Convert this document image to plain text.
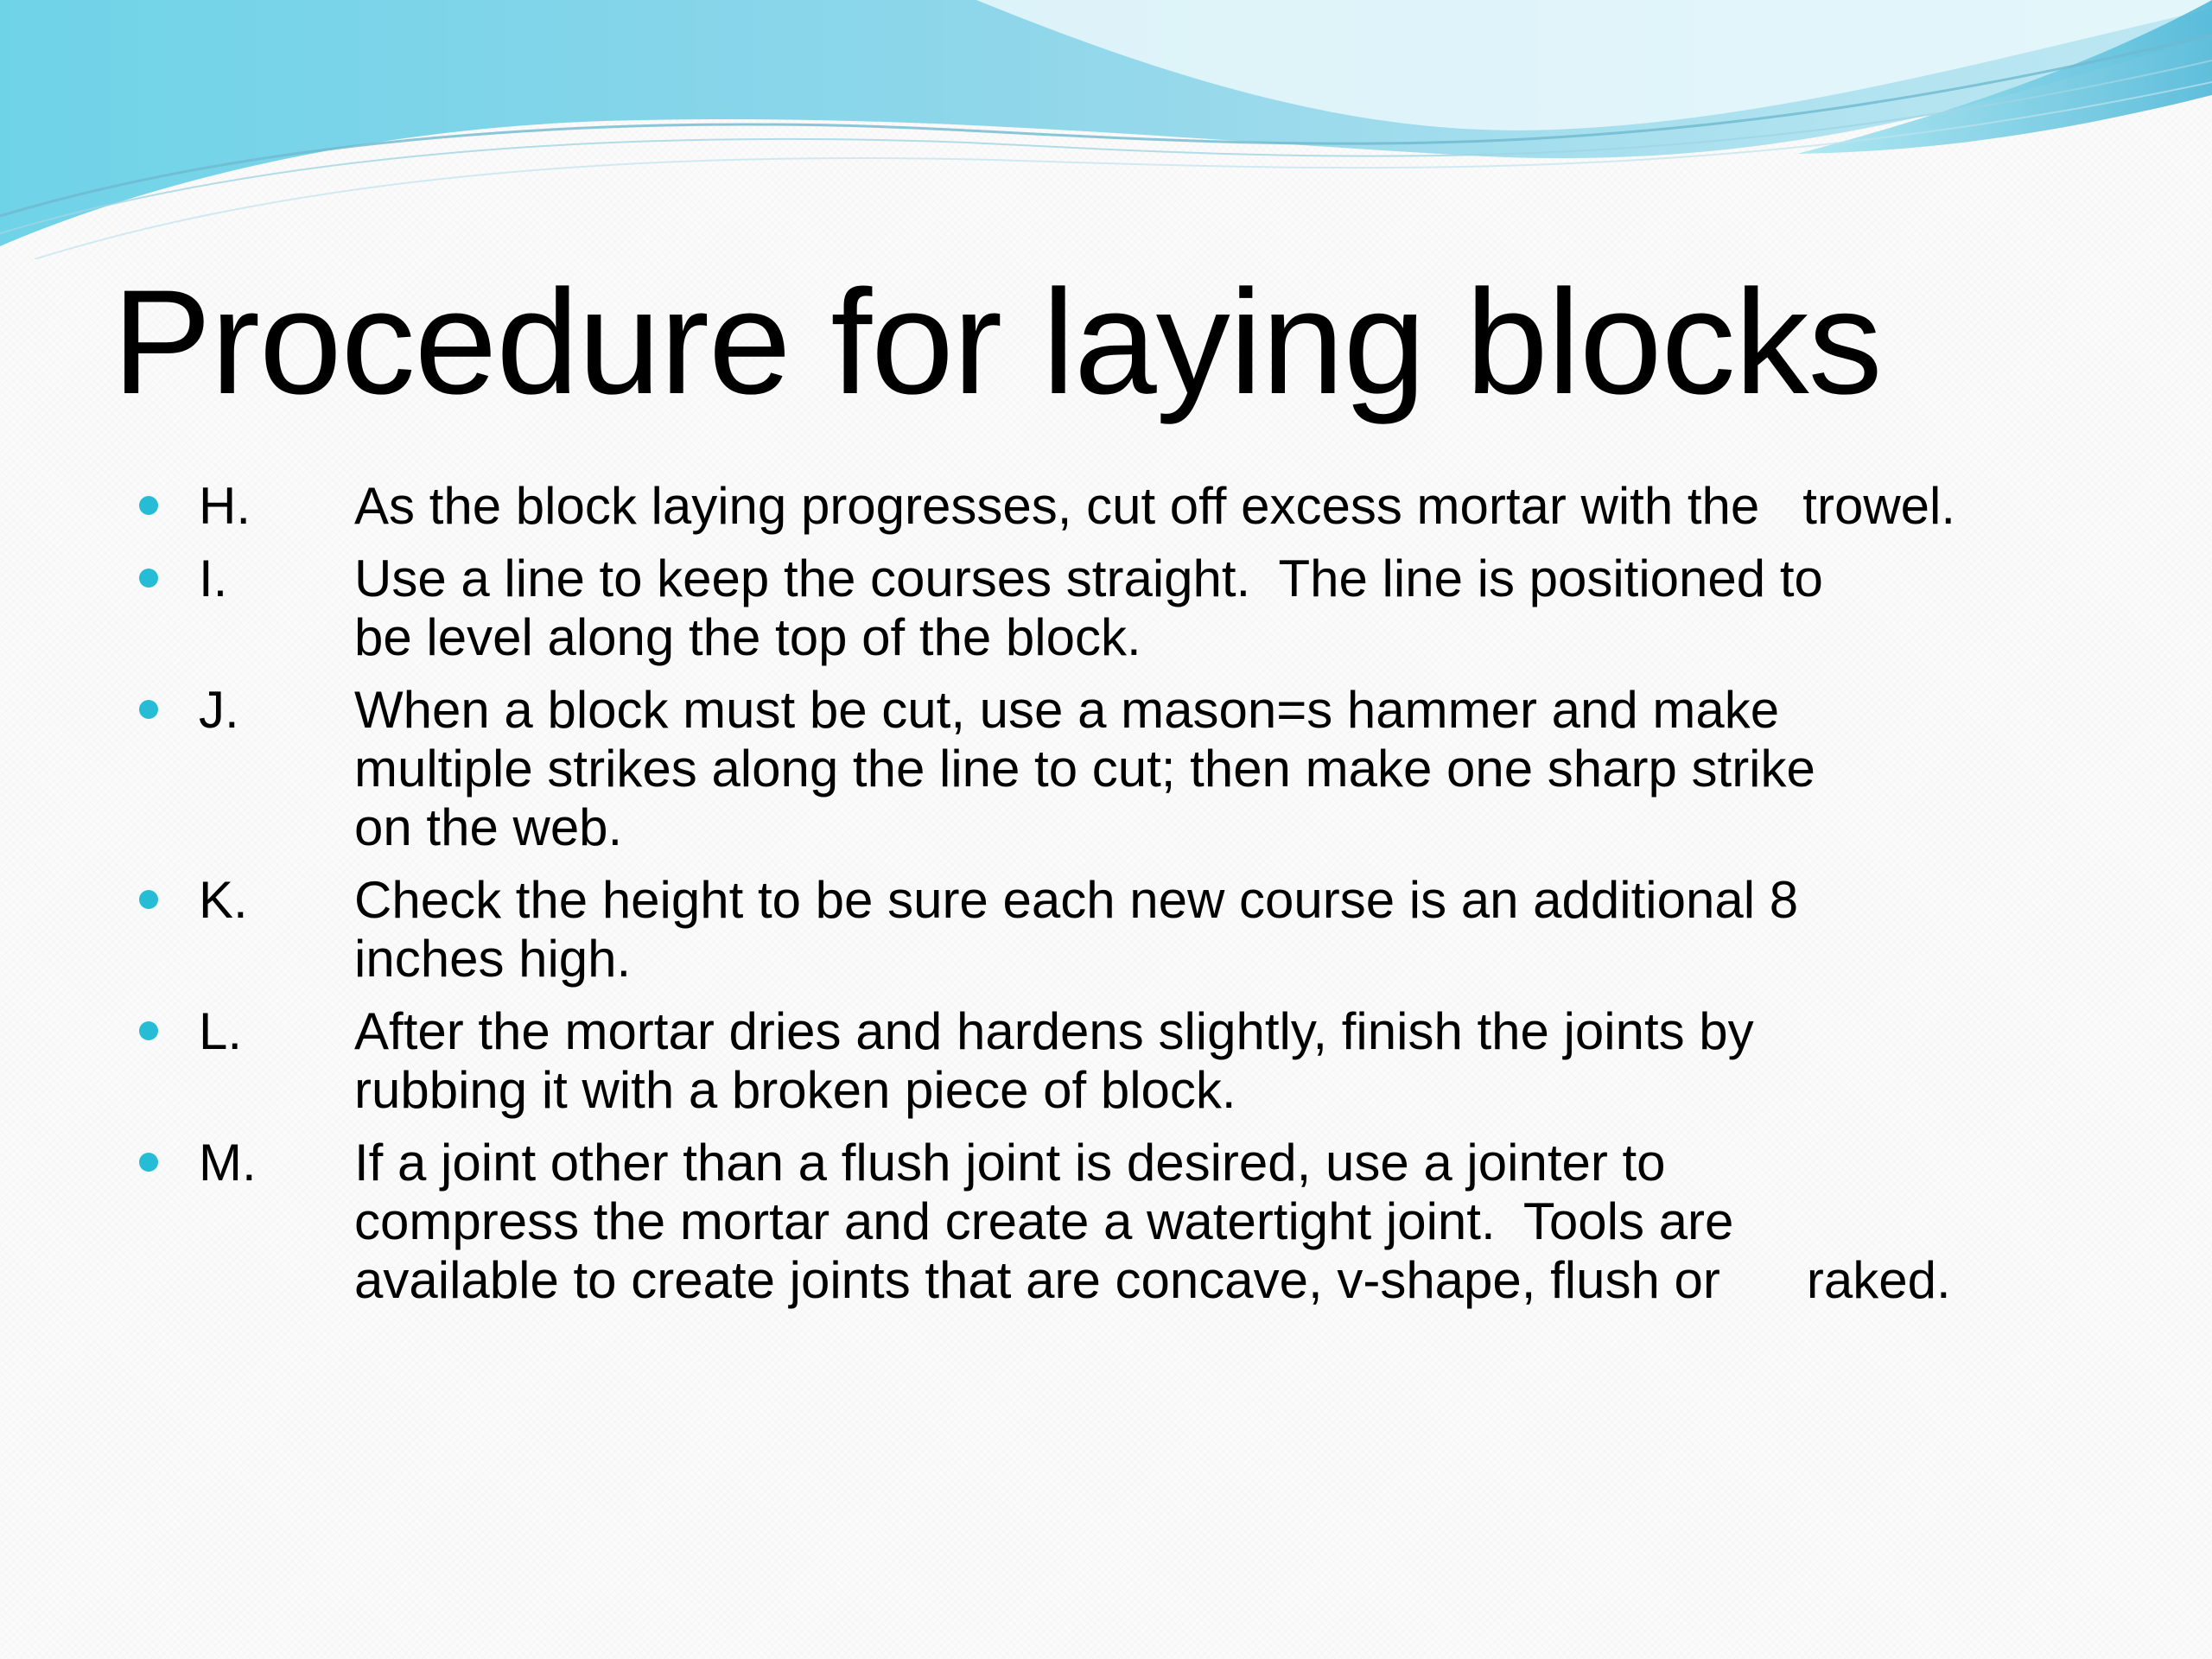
Procedure for laying blocks
H. As the block laying progresses, cut off excess mortar with the   trowel.
I. Use a line to keep the courses straight.  The line is positioned to
be level along the top of the block.
J. When a block must be cut, use a mason=s hammer and make
multiple strikes along the line to cut; then make one sharp strike
on the web.
K. Check the height to be sure each new course is an additional 8
inches high.
L. After the mortar dries and hardens slightly, finish the joints by
rubbing it with a broken piece of block.
M. If a joint other than a flush joint is desired, use a jointer to
compress the mortar and create a watertight joint.  Tools are
available to create joints that are concave, v-shape, flush or      raked.
